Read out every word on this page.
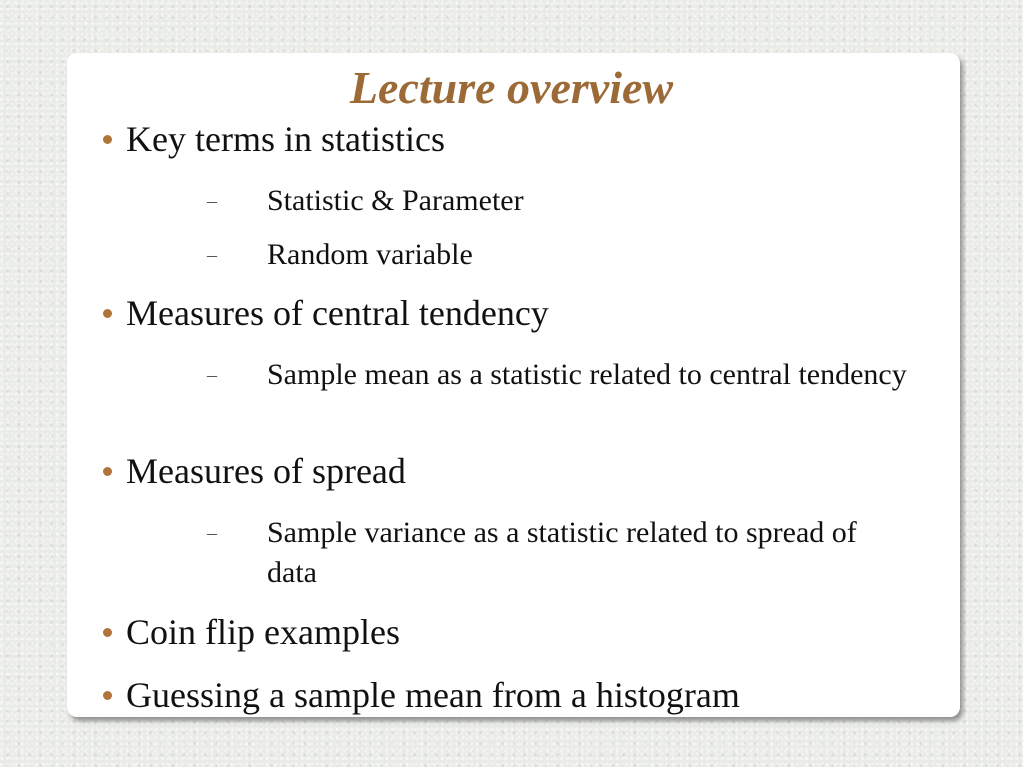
Lecture overview
Key terms in statistics
–	Statistic & Parameter
–	Random variable
Measures of central tendency
–	Sample mean as a statistic related to central tendency
Measures of spread
–	Sample variance as a statistic related to spread of data
Coin flip examples
Guessing a sample mean from a histogram
